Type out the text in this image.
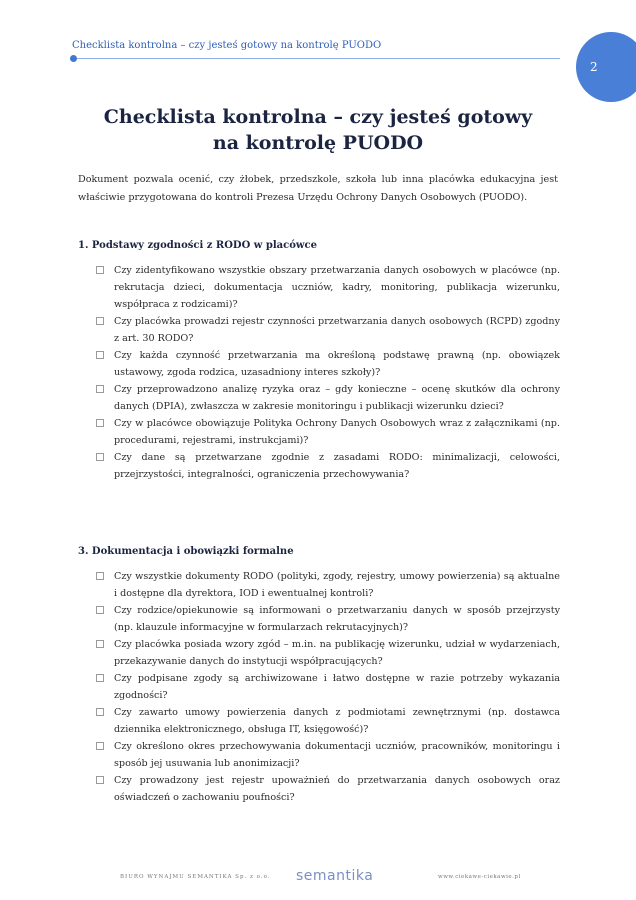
Checklista kontrolna – czy jesteś gotowy na kontrolę PUODO
2
Checklista kontrolna – czy jesteś gotowy
na kontrolę PUODO

Dokument pozwala ocenić, czy żłobek, przedszkole, szkoła lub inna placówka edukacyjna jest właściwie przygotowana do kontroli Prezesa Urzędu Ochrony Danych Osobowych (PUODO).

1. Podstawy zgodności z RODO w placówce
Czy zidentyfikowano wszystkie obszary przetwarzania danych osobowych w placówce (np. rekrutacja dzieci, dokumentacja uczniów, kadry, monitoring, publikacja wizerunku, współpraca z rodzicami)?
Czy placówka prowadzi rejestr czynności przetwarzania danych osobowych (RCPD) zgodny z art. 30 RODO?
Czy każda czynność przetwarzania ma określoną podstawę prawną (np. obowiązek ustawowy, zgoda rodzica, uzasadniony interes szkoły)?
Czy przeprowadzono analizę ryzyka oraz – gdy konieczne – ocenę skutków dla ochrony danych (DPIA), zwłaszcza w zakresie monitoringu i publikacji wizerunku dzieci?
Czy w placówce obowiązuje Polityka Ochrony Danych Osobowych wraz z załącznikami (np. procedurami, rejestrami, instrukcjami)?
Czy dane są przetwarzane zgodnie z zasadami RODO: minimalizacji, celowości, przejrzystości, integralności, ograniczenia przechowywania?
3. Dokumentacja i obowiązki formalne
Czy wszystkie dokumenty RODO (polityki, zgody, rejestry, umowy powierzenia) są aktualne i dostępne dla dyrektora, IOD i ewentualnej kontroli?
Czy rodzice/opiekunowie są informowani o przetwarzaniu danych w sposób przejrzysty (np. klauzule informacyjne w formularzach rekrutacyjnych)?
Czy placówka posiada wzory zgód – m.in. na publikację wizerunku, udział w wydarzeniach, przekazywanie danych do instytucji współpracujących?
Czy podpisane zgody są archiwizowane i łatwo dostępne w razie potrzeby wykazania zgodności?
Czy zawarto umowy powierzenia danych z podmiotami zewnętrznymi (np. dostawca dziennika elektronicznego, obsługa IT, księgowość)?
Czy określono okres przechowywania dokumentacji uczniów, pracowników, monitoringu i sposób jej usuwania lub anonimizacji?
Czy prowadzony jest rejestr upoważnień do przetwarzania danych osobowych oraz oświadczeń o zachowaniu poufności?
BIURO WYNAJMU SEMANTIKA Sp. z o.o. semantika	www.ciekawe-ciekawie.pl
